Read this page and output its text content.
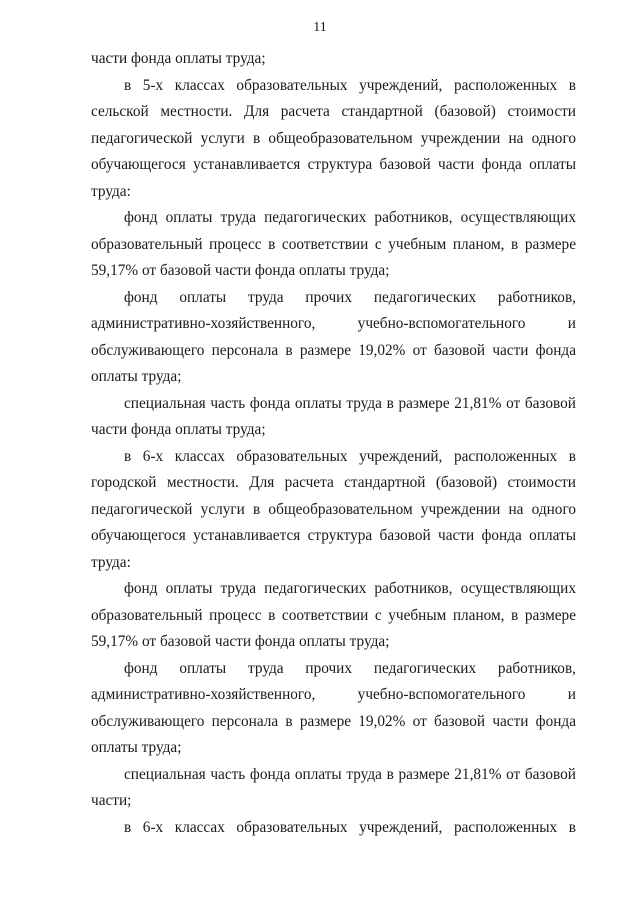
11

части фонда оплаты труда;

в 5-х классах образовательных учреждений, расположенных в сельской местности. Для расчета стандартной (базовой) стоимости педагогической услуги в общеобразовательном учреждении на одного обучающегося устанавливается структура базовой части фонда оплаты труда:

фонд оплаты труда педагогических работников, осуществляющих образовательный процесс в соответствии с учебным планом, в размере 59,17% от базовой части фонда оплаты труда;

фонд оплаты труда прочих педагогических работников, административно-хозяйственного, учебно-вспомогательного и обслуживающего персонала в размере 19,02% от базовой части фонда оплаты труда;

специальная часть фонда оплаты труда в размере 21,81% от базовой части фонда оплаты труда;

в 6-х классах образовательных учреждений, расположенных в городской местности. Для расчета стандартной (базовой) стоимости педагогической услуги в общеобразовательном учреждении на одного обучающегося устанавливается структура базовой части фонда оплаты труда:

фонд оплаты труда педагогических работников, осуществляющих образовательный процесс в соответствии с учебным планом, в размере 59,17% от базовой части фонда оплаты труда;

фонд оплаты труда прочих педагогических работников, административно-хозяйственного, учебно-вспомогательного и обслуживающего персонала в размере 19,02% от базовой части фонда оплаты труда;

специальная часть фонда оплаты труда в размере 21,81% от базовой части;

в 6-х классах образовательных учреждений, расположенных в
